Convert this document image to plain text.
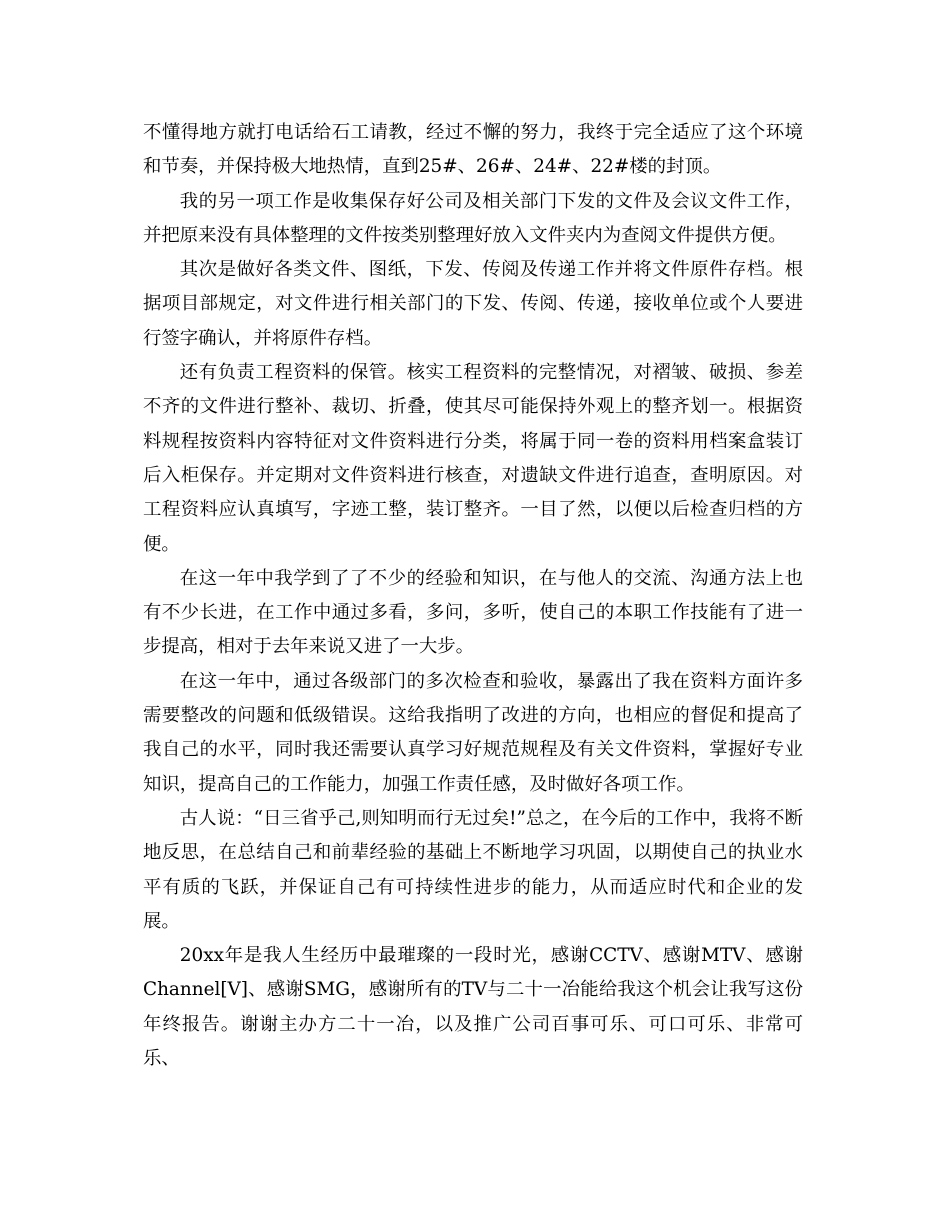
不懂得地方就打电话给石工请教，经过不懈的努力，我终于完全适应了这个环境和节奏，并保持极大地热情，直到25#、26#、24#、22#楼的封顶。

我的另一项工作是收集保存好公司及相关部门下发的文件及会议文件工作，并把原来没有具体整理的文件按类别整理好放入文件夹内为查阅文件提供方便。

其次是做好各类文件、图纸，下发、传阅及传递工作并将文件原件存档。根据项目部规定，对文件进行相关部门的下发、传阅、传递，接收单位或个人要进行签字确认，并将原件存档。

还有负责工程资料的保管。核实工程资料的完整情况，对褶皱、破损、参差不齐的文件进行整补、裁切、折叠，使其尽可能保持外观上的整齐划一。根据资料规程按资料内容特征对文件资料进行分类，将属于同一卷的资料用档案盒装订后入柜保存。并定期对文件资料进行核查，对遗缺文件进行追查，查明原因。对工程资料应认真填写，字迹工整，装订整齐。一目了然，以便以后检查归档的方便。

在这一年中我学到了了不少的经验和知识，在与他人的交流、沟通方法上也有不少长进，在工作中通过多看，多问，多听，使自己的本职工作技能有了进一步提高，相对于去年来说又进了一大步。

在这一年中，通过各级部门的多次检查和验收，暴露出了我在资料方面许多需要整改的问题和低级错误。这给我指明了改进的方向，也相应的督促和提高了我自己的水平，同时我还需要认真学习好规范规程及有关文件资料，掌握好专业知识，提高自己的工作能力，加强工作责任感，及时做好各项工作。

古人说：“日三省乎己,则知明而行无过矣!”总之，在今后的工作中，我将不断地反思，在总结自己和前辈经验的基础上不断地学习巩固，以期使自己的执业水平有质的飞跃，并保证自己有可持续性进步的能力，从而适应时代和企业的发展。

20xx年是我人生经历中最璀璨的一段时光，感谢CCTV、感谢MTV、感谢Channel[V]、感谢SMG，感谢所有的TV与二十一冶能给我这个机会让我写这份年终报告。谢谢主办方二十一冶，以及推广公司百事可乐、可口可乐、非常可乐、
